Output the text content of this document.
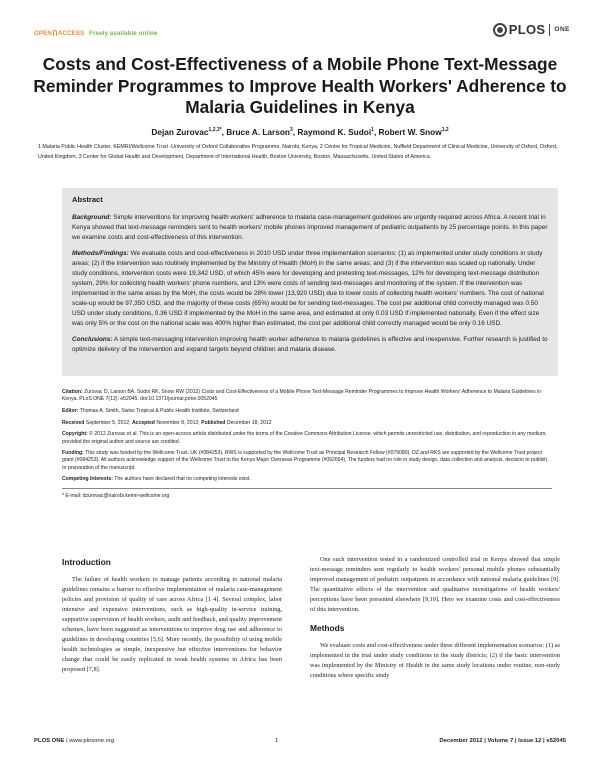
OPEN ACCESS Freely available online	PLOS ONE
Costs and Cost-Effectiveness of a Mobile Phone Text-Message Reminder Programmes to Improve Health Workers' Adherence to Malaria Guidelines in Kenya
Dejan Zurovac$^{1,2,3*}$, Bruce A. Larson$^3$, Raymond K. Sudoi$^1$, Robert W. Snow$^{1,2}$
1 Malaria Public Health Cluster, KEMRI/Wellcome Trust -University of Oxford Collaborative Programme, Nairobi, Kenya, 2 Centre for Tropical Medicine, Nuffield Department of Clinical Medicine, University of Oxford, Oxford, United Kingdom, 3 Center for Global Health and Development, Department of International Health, Boston University, Boston, Massachusetts, United States of America
Abstract

Background: Simple interventions for improving health workers' adherence to malaria case-management guidelines are urgently required across Africa. A recent trial in Kenya showed that text-message reminders sent to health workers' mobile phones improved management of pediatric outpatients by 25 percentage points. In this paper we examine costs and cost-effectiveness of this intervention.

Methods/Findings: We evaluate costs and cost-effectiveness in 2010 USD under three implementation scenarios: (1) as implemented under study conditions in study areas; (2) if the intervention was routinely implemented by the Ministry of Health (MoH) in the same areas; and (3) if the intervention was scaled up nationally. Under study conditions, intervention costs were 19,342 USD, of which 45% were for developing and pretesting text-messages, 12% for developing text-message distribution system, 29% for collecting health workers' phone numbers, and 13% were costs of sending text-messages and monitoring of the system. If the intervention was implemented in the same areas by the MoH, the costs would be 28% lower (13,920 USD) due to lower costs of collecting health workers' numbers. The cost of national scale-up would be 97,350 USD, and the majority of these costs (65%) would be for sending text-messages. The cost per additional child correctly managed was 0.50 USD under study conditions, 0.36 USD if implemented by the MoH in the same area, and estimated at only 0.03 USD if implemented nationally. Even if the effect size was only 5% or the cost on the national scale was 400% higher than estimated, the cost per additional child correctly managed would be only 0.16 USD.

Conclusions: A simple text-messaging intervention improving health worker adherence to malaria guidelines is effective and inexpensive. Further research is justified to optimize delivery of the intervention and expand targets beyond children and malaria disease.

Citation: Zurovac D, Larson BA, Sudoi RK, Snow RW (2012) Costs and Cost-Effectiveness of a Mobile Phone Text-Message Reminder Programmes to Improve Health Workers' Adherence to Malaria Guidelines in Kenya. PLoS ONE 7(12): e52045. doi:10.1371/journal.pone.0052045
Editor: Thomas A. Smith, Swiss Tropical & Public Health Institute, Switzerland
Received September 5, 2012; Accepted November 8, 2012; Published December 18, 2012
Copyright: © 2012 Zurovac et al. This is an open-access article distributed under the terms of the Creative Commons Attribution License, which permits unrestricted use, distribution, and reproduction in any medium, provided the original author and source are credited.
Funding: This study was funded by the Wellcome Trust, UK (#084253). RWS is supported by the Wellcome Trust as Principal Research Fellow (#079080). DZ and RKS are supported by the Wellcome Trust project grant (#084253). All authors acknowledge support of the Wellcome Trust to the Kenya Major Overseas Programme (#092654). The funders had no role in study design, data collection and analysis, decision to publish, or preparation of the manuscript.
Competing Interests: The authors have declared that no competing interests exist.
* E-mail: dzurovac@nairobi.kemri-wellcome.org
Introduction

The failure of health workers to manage patients according to national malaria guidelines remains a barrier to effective implementation of malaria case-management policies and provision of quality of care across Africa [1 4]. Several complex, labor intensive and expensive interventions, such as high-quality in-service training, supportive supervision of health workers, audit and feedback, and quality improvement schemes, have been suggested as interventions to improve drug use and adherence to guidelines in developing countries [5,6]. More recently, the possibility of using mobile health technologies as simple, inexpensive but effective interventions for behavior change that could be easily replicated in weak health systems in Africa has been proposed [7,8].

One such intervention tested in a randomized controlled trial in Kenya showed that simple text-message reminders sent regularly to health workers' personal mobile phones substantially improved management of pediatric outpatients in accordance with national malaria guidelines [9]. The quantitative effects of the intervention and qualitative investigations of health workers' perceptions have been presented elsewhere [9,10]. Here we examine costs and cost-effectiveness of this intervention.

Methods

We evaluate costs and cost-effectiveness under three different implementation scenarios: (1) as implemented in the trial under study conditions in the study districts; (2) if the basic intervention was implemented by the Ministry of Health in the same study locations under routine, non-study conditions where specific study

PLOS ONE | www.plosone.org	1	December 2012 | Volume 7 | Issue 12 | e52045
